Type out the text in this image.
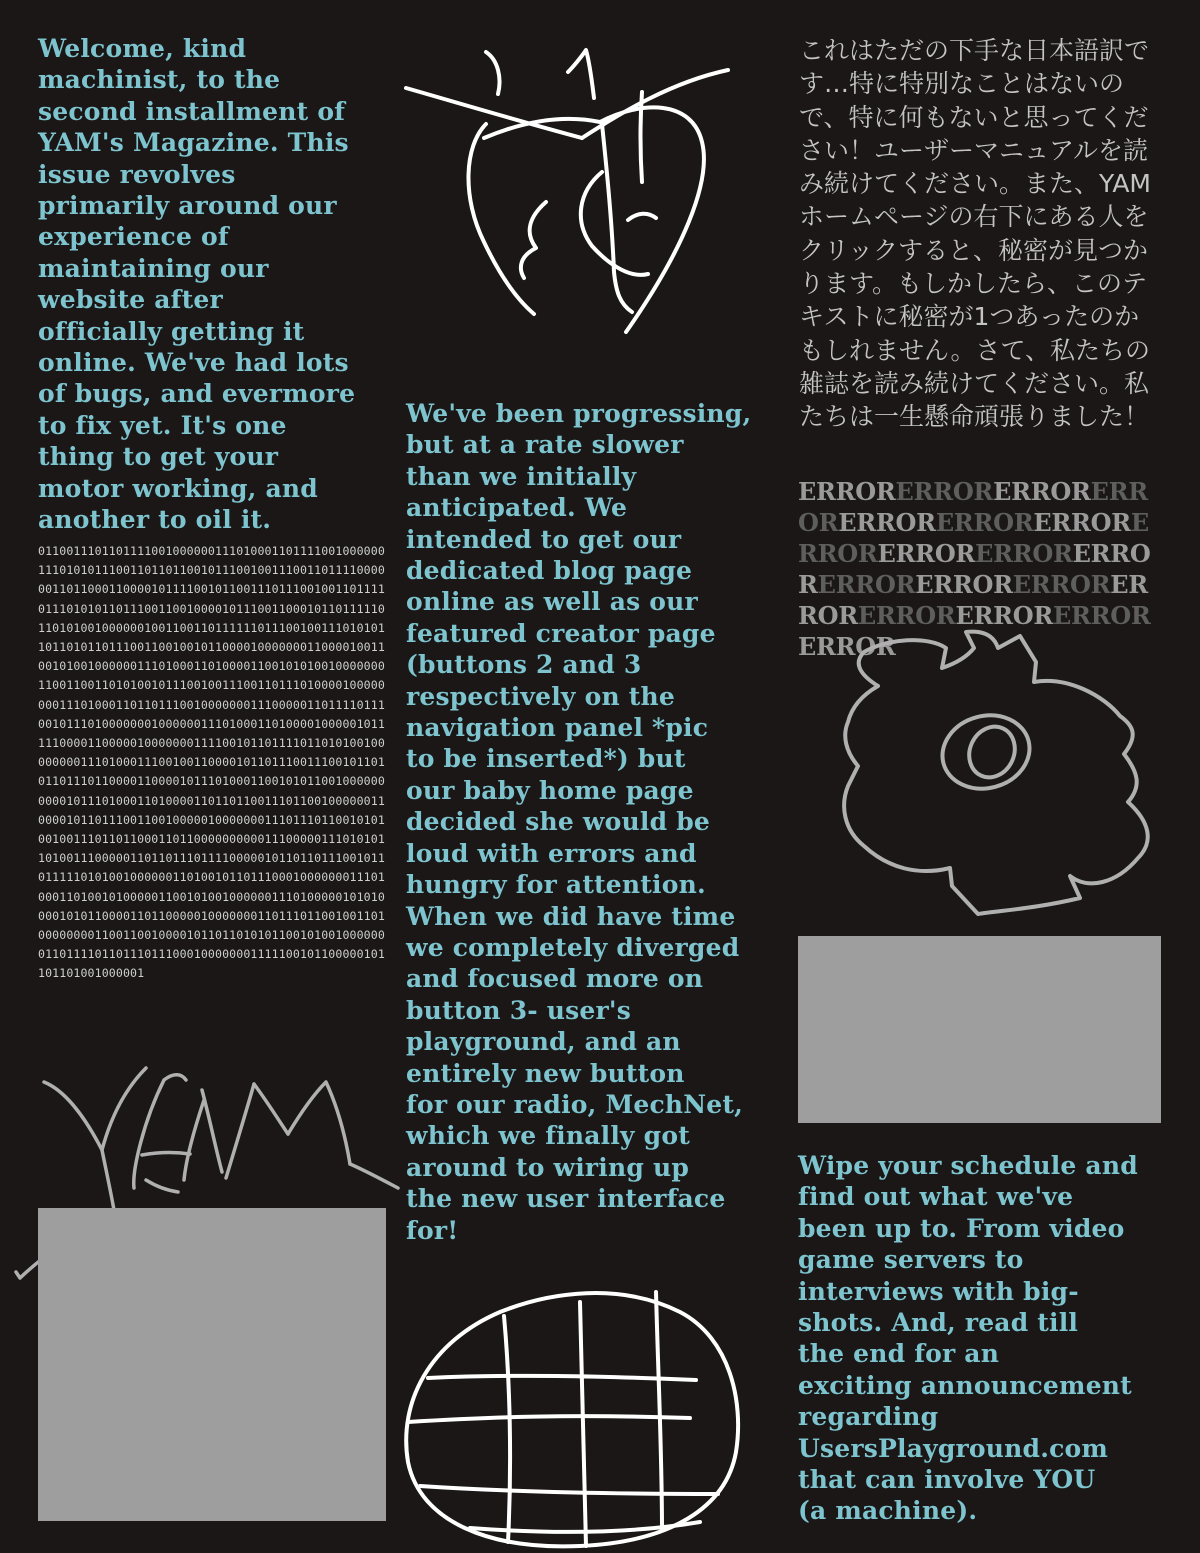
Welcome, kind
machinist, to the
second installment of
YAM's Magazine. This
issue revolves
primarily around our
experience of
maintaining our
website after
officially getting it
online. We've had lots
of bugs, and evermore
to fix yet. It's one
thing to get your
motor working, and
another to oil it.

0110011101101111001000000111010001101111001000000111010101110011011011001011100100111001101111000000110110001100001011110010110011101110010011011110111010101101110011001000010111001100010110111110110101001000000100110011011111101110010011101010110110101101110011001001011000010000000110000100110010100100000011101000110100001100101010010000000110011001101010010111001001110011011101000010000000011101000110110111001000000011100000110111101110010111010000000100000011101000110100001000001011111000011000001000000011110010110111101101010010000000011101000111001001100001011011100111001011010110111011000011000010111010001100101011001000000000010111010001101000011011011001110110010000001100001011011100110010000010000000111011101100101010010011101101100011011000000000011100000111010101101001110000011011011101111000001011011011100101101111101010010000001101001011011100010000000111010001101001010000011001010010000001110100000101010000101011000011011000001000000011011101100100110100000000110011001000010110110101011001010010000000110111101101110111000100000001111100101100000101101101001000001

We've been progressing,
but at a rate slower
than we initially
anticipated. We
intended to get our
dedicated blog page
online as well as our
featured creator page
(buttons 2 and 3
respectively on the
navigation panel *pic
to be inserted*) but
our baby home page
decided she would be
loud with errors and
hungry for attention.
When we did have time
we completely diverged
and focused more on
button 3- user's
playground, and an
entirely new button
for our radio, MechNet,
which we finally got
around to wiring up
the new user interface
for!

これはただの下手な日本語訳です…特に特別なことはないので、特に何もないと思ってください！ユーザーマニュアルを読み続けてください。また、YAMホームページの右下にある人をクリックすると、秘密が見つかります。もしかしたら、このテキストに秘密が1つあったのかもしれません。さて、私たちの雑誌を読み続けてください。私たちは一生懸命頑張りました！

ERRORERRORERRORERRORERRORERRORERRORERRORERRORERRORERRORERRORERRORERRORERRORERRORERRORERRORERROR

Wipe your schedule and
find out what we've
been up to. From video
game servers to
interviews with big-
shots. And, read till
the end for an
exciting announcement
regarding
UsersPlayground.com
that can involve YOU
(a machine).
